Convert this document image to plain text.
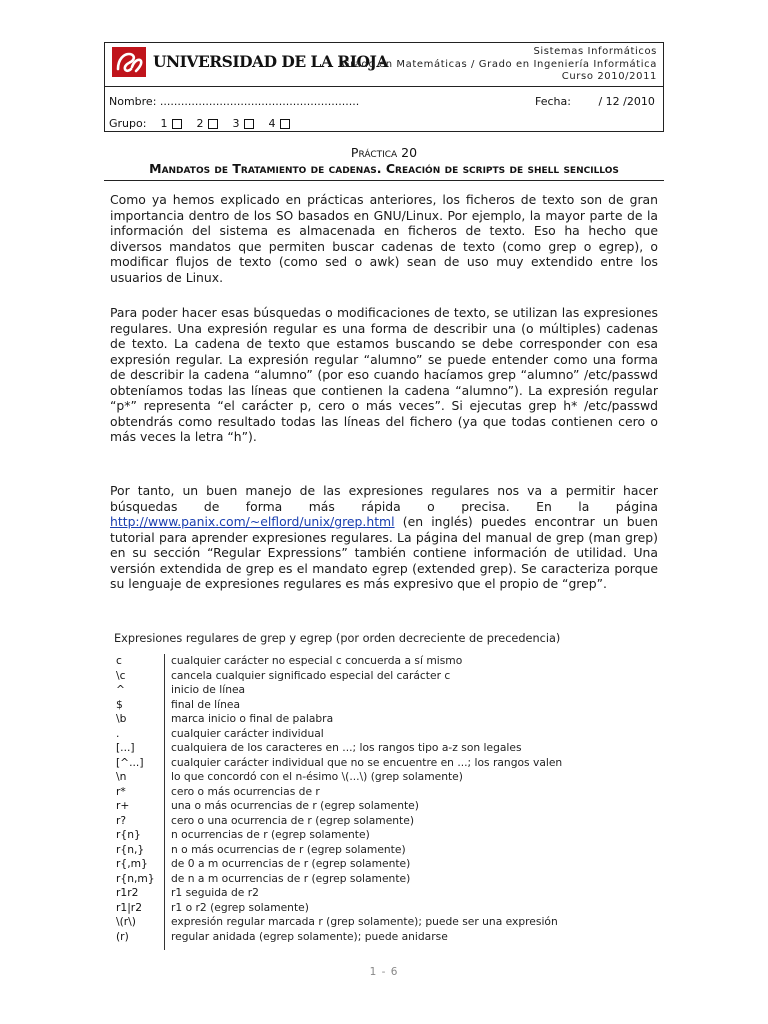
UNIVERSIDAD DE LA RIOJA
Sistemas Informáticos
Grado en Matemáticas / Grado en Ingeniería Informática
Curso 2010/2011
Nombre: .........................................................	Fecha:	/ 12 /2010
Grupo: 1	2	3	4
Práctica 20
Mandatos de Tratamiento de cadenas. Creación de scripts de shell sencillos

Como ya hemos explicado en prácticas anteriores, los ficheros de texto son de gran importancia dentro de los SO basados en GNU/Linux. Por ejemplo, la mayor parte de la información del sistema es almacenada en ficheros de texto. Eso ha hecho que diversos mandatos que permiten buscar cadenas de texto (como grep o egrep), o modificar flujos de texto (como sed o awk) sean de uso muy extendido entre los usuarios de Linux.

Para poder hacer esas búsquedas o modificaciones de texto, se utilizan las expresiones regulares. Una expresión regular es una forma de describir una (o múltiples) cadenas de texto. La cadena de texto que estamos buscando se debe corresponder con esa expresión regular. La expresión regular “alumno” se puede entender como una forma de describir la cadena “alumno” (por eso cuando hacíamos grep “alumno” /etc/passwd obteníamos todas las líneas que contienen la cadena “alumno”). La expresión regular “p*” representa “el carácter p, cero o más veces”. Si ejecutas grep h* /etc/passwd obtendrás como resultado todas las líneas del fichero (ya que todas contienen cero o más veces la letra “h”).

Por tanto, un buen manejo de las expresiones regulares nos va a permitir hacer búsquedas de forma más rápida o precisa. En la página http://www.panix.com/~elflord/unix/grep.html (en inglés) puedes encontrar un buen tutorial para aprender expresiones regulares. La página del manual de grep (man grep) en su sección “Regular Expressions” también contiene información de utilidad. Una versión extendida de grep es el mandato egrep (extended grep). Se caracteriza porque su lenguaje de expresiones regulares es más expresivo que el propio de “grep”.

Expresiones regulares de grep y egrep (por orden decreciente de precedencia)
c	cualquier carácter no especial c concuerda a sí mismo
\c	cancela cualquier significado especial del carácter c
^	inicio de línea
$	final de línea
\b	marca inicio o final de palabra
.	cualquier carácter individual
[...]	cualquiera de los caracteres en ...; los rangos tipo a-z son legales
[^...]	cualquier carácter individual que no se encuentre en ...; los rangos valen
\n	lo que concordó con el n-ésimo \(...\) (grep solamente)
r*	cero o más ocurrencias de r
r+	una o más ocurrencias de r (egrep solamente)
r?	cero o una ocurrencia de r (egrep solamente)
r{n}	n ocurrencias de r (egrep solamente)
r{n,}	n o más ocurrencias de r (egrep solamente)
r{,m} de 0 a m ocurrencias de r (egrep solamente)
r{n,m} de n a m ocurrencias de r (egrep solamente)
r1r2	r1 seguida de r2
r1|r2	r1 o r2 (egrep solamente)
\(r\)	expresión regular marcada r (grep solamente); puede ser una expresión
(r)	regular anidada (egrep solamente); puede anidarse
1 - 6
